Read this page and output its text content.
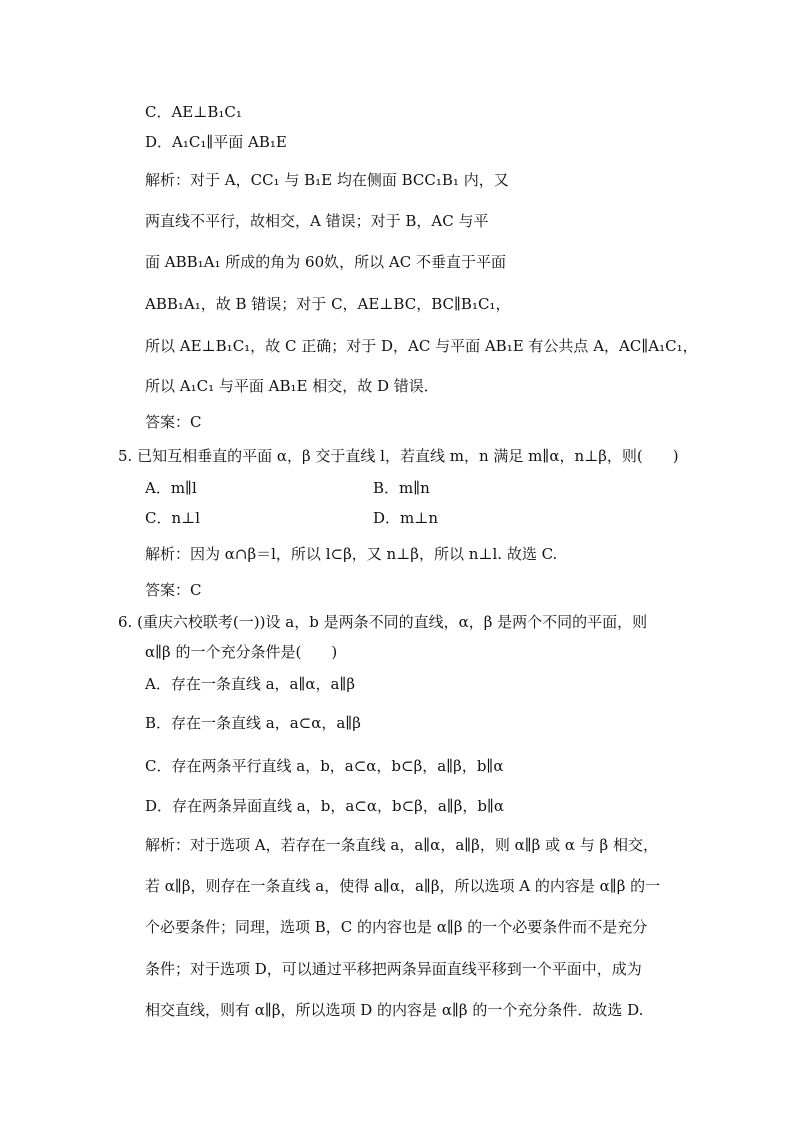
C．AE⊥B₁C₁
D．A₁C₁∥平面 AB₁E
解析：对于 A，CC₁ 与 B₁E 均在侧面 BCC₁B₁ 内，又
两直线不平行，故相交，A 错误；对于 B，AC 与平
面 ABB₁A₁ 所成的角为 60奺，所以 AC 不垂直于平面
ABB₁A₁，故 B 错误；对于 C，AE⊥BC，BC∥B₁C₁，
所以 AE⊥B₁C₁，故 C 正确；对于 D，AC 与平面 AB₁E 有公共点 A，AC∥A₁C₁，
所以 A₁C₁ 与平面 AB₁E 相交，故 D 错误．
答案：C
5. 已知互相垂直的平面 α，β 交于直线 l，若直线 m，n 满足 m∥α，n⊥β，则(　　)
A．m∥l	B．m∥n
C．n⊥l	D．m⊥n
解析：因为 α∩β＝l，所以 l⊂β，又 n⊥β，所以 n⊥l. 故选 C.
答案：C
6. (重庆六校联考(一))设 a，b 是两条不同的直线，α，β 是两个不同的平面，则
α∥β 的一个充分条件是(　　)
A．存在一条直线 a，a∥α，a∥β
B．存在一条直线 a，a⊂α，a∥β
C．存在两条平行直线 a，b，a⊂α，b⊂β，a∥β，b∥α
D．存在两条异面直线 a，b，a⊂α，b⊂β，a∥β，b∥α
解析：对于选项 A，若存在一条直线 a，a∥α，a∥β，则 α∥β 或 α 与 β 相交，
若 α∥β，则存在一条直线 a，使得 a∥α，a∥β，所以选项 A 的内容是 α∥β 的一
个必要条件；同理，选项 B，C 的内容也是 α∥β 的一个必要条件而不是充分
条件；对于选项 D，可以通过平移把两条异面直线平移到一个平面中，成为
相交直线，则有 α∥β，所以选项 D 的内容是 α∥β 的一个充分条件．故选 D.
